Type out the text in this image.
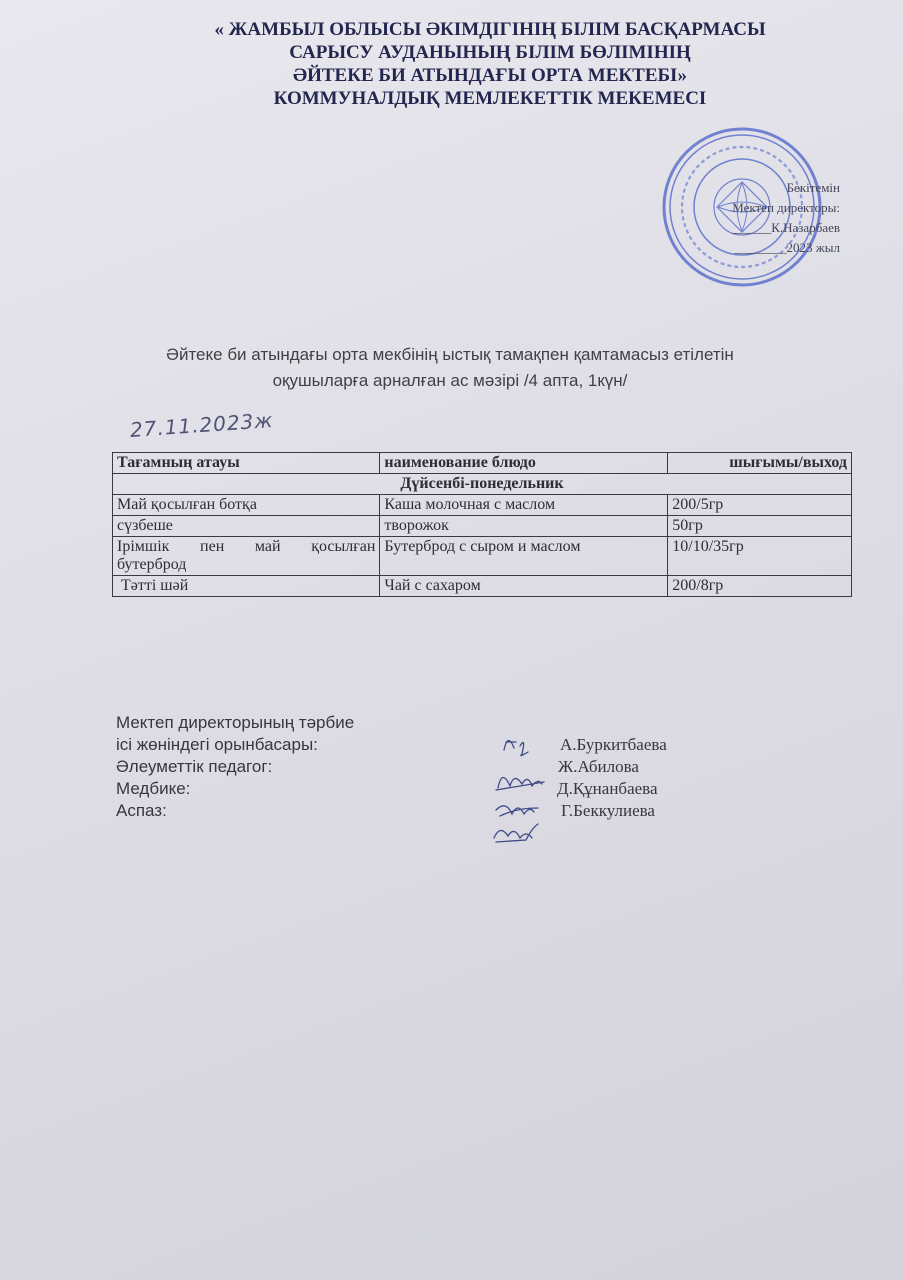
« ЖАМБЫЛ ОБЛЫСЫ ӘКІМДІГІНІҢ БІЛІМ БАСҚАРМАСЫ
САРЫСУ АУДАНЫНЫҢ БІЛІМ БӨЛІМІНІҢ
ӘЙТЕКЕ БИ АТЫНДАҒЫ ОРТА МЕКТЕБІ»
КОММУНАЛДЫҚ МЕМЛЕКЕТТІК МЕКЕМЕСІ
Бекітемін
Мектеп директоры:
______К.Назарбаев
________2023 жыл
Әйтеке би атындағы орта мекбінің ыстық тамақпен қамтамасыз етілетін
оқушыларға арналған ас мәзірі /4 апта, 1күн/
27.11.2023ж
Тағамның атауы	наименование блюдо	шығымы/выход
Дүйсенбі-понедельник		
Май қосылған ботқа	Каша молочная с маслом	200/5гр
сүзбеше	творожок	50гр

Ірімшік пен май қосылған
бутерброд	Бутерброд с сыром и маслом	10/10/35гр
Тәтті шәй	Чай с сахаром	200/8гр
Мектеп директорының тәрбие
ісі жөніндегі орынбасары:	А.Буркитбаева
Әлеуметтік педагог:	Ж.Абилова
Медбике:	Д.Құнанбаева
Аспаз:	Г.Беккулиева
